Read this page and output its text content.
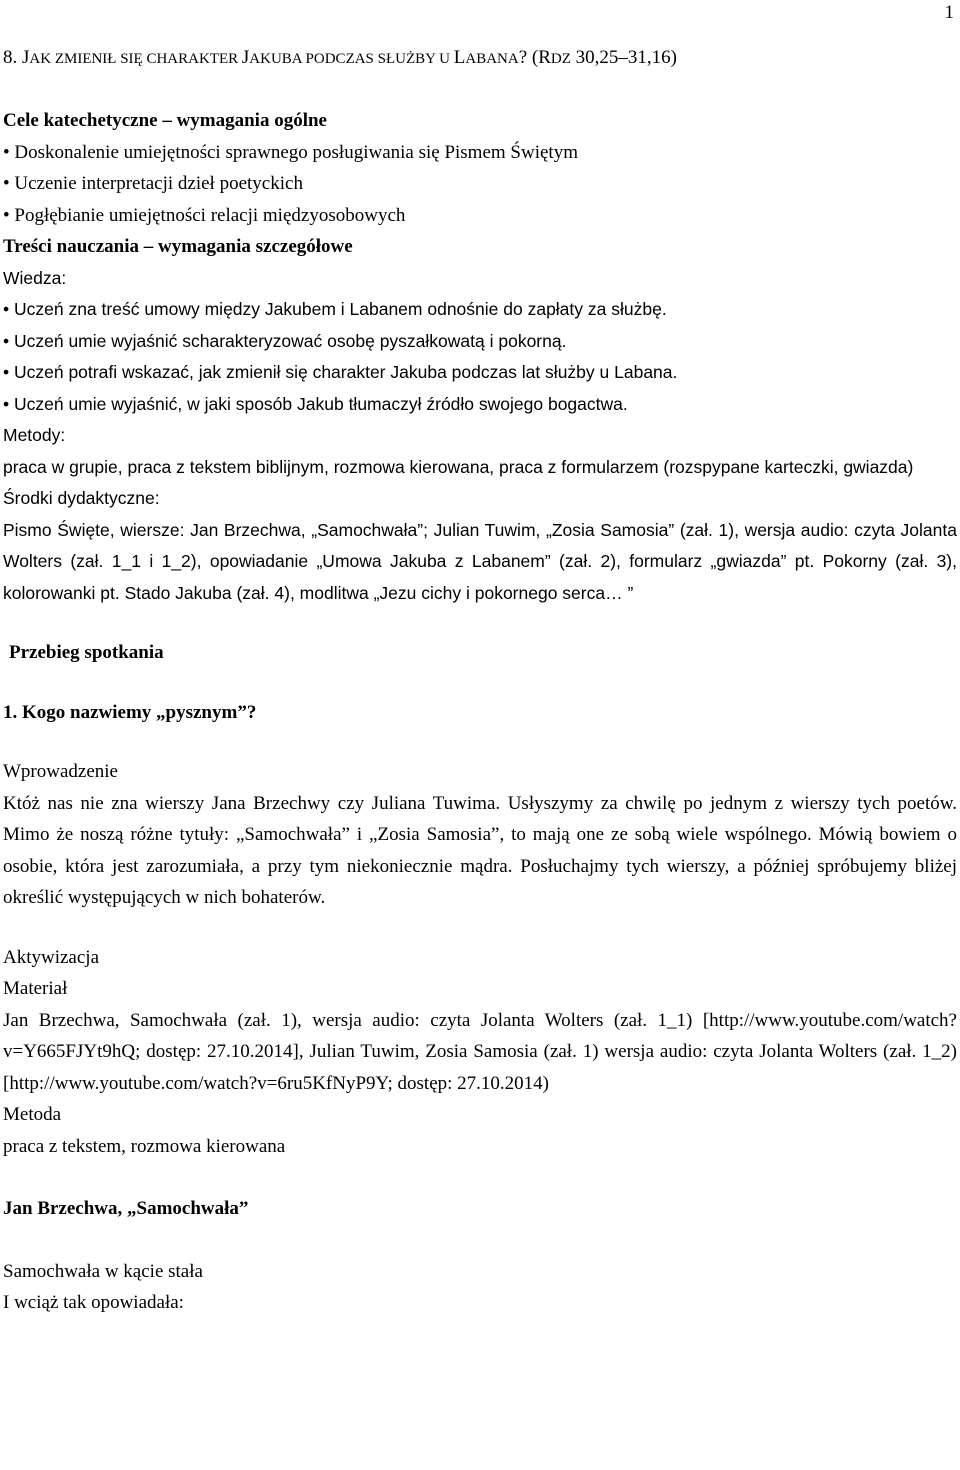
1
8. JAK ZMIENIŁ SIĘ CHARAKTER JAKUBA PODCZAS SŁUŻBY U LABANA? (RDZ 30,25–31,16)
Cele katechetyczne – wymagania ogólne
• Doskonalenie umiejętności sprawnego posługiwania się Pismem Świętym
• Uczenie interpretacji dzieł poetyckich
• Pogłębianie umiejętności relacji międzyosobowych
Treści nauczania – wymagania szczegółowe
Wiedza:
• Uczeń zna treść umowy między Jakubem i Labanem odnośnie do zapłaty za służbę.
• Uczeń umie wyjaśnić scharakteryzować osobę pyszałkowatą i pokorną.
• Uczeń potrafi wskazać, jak zmienił się charakter Jakuba podczas lat służby u Labana.
• Uczeń umie wyjaśnić, w jaki sposób Jakub tłumaczył źródło swojego bogactwa.
Metody:
praca w grupie, praca z tekstem biblijnym, rozmowa kierowana, praca z formularzem (rozspypane karteczki, gwiazda)
Środki dydaktyczne:
Pismo Święte, wiersze: Jan Brzechwa, „Samochwała”; Julian Tuwim, „Zosia Samosia” (zał. 1), wersja audio: czyta Jolanta Wolters (zał. 1_1 i 1_2), opowiadanie „Umowa Jakuba z Labanem” (zał. 2), formularz „gwiazda” pt. Pokorny (zał. 3), kolorowanki pt. Stado Jakuba (zał. 4), modlitwa „Jezu cichy i pokornego serca… ”
Przebieg spotkania
1. Kogo nazwiemy „pysznym”?
Wprowadzenie
Któż nas nie zna wierszy Jana Brzechwy czy Juliana Tuwima. Usłyszymy za chwilę po jednym z wierszy tych poetów. Mimo że noszą różne tytuły: „Samochwała” i „Zosia Samosia”, to mają one ze sobą wiele wspólnego. Mówią bowiem o osobie, która jest zarozumiała, a przy tym niekoniecznie mądra. Posłuchajmy tych wierszy, a później spróbujemy bliżej określić występujących w nich bohaterów.
Aktywizacja
Materiał
Jan Brzechwa, Samochwała (zał. 1), wersja audio: czyta Jolanta Wolters (zał. 1_1) [http://www.youtube.com/watch?v=Y665FJYt9hQ; dostęp: 27.10.2014], Julian Tuwim, Zosia Samosia (zał. 1) wersja audio: czyta Jolanta Wolters (zał. 1_2) [http://www.youtube.com/watch?v=6ru5KfNyP9Y; dostęp: 27.10.2014)
Metoda
praca z tekstem, rozmowa kierowana
Jan Brzechwa, „Samochwała”
Samochwała w kącie stała
I wciąż tak opowiadała:
